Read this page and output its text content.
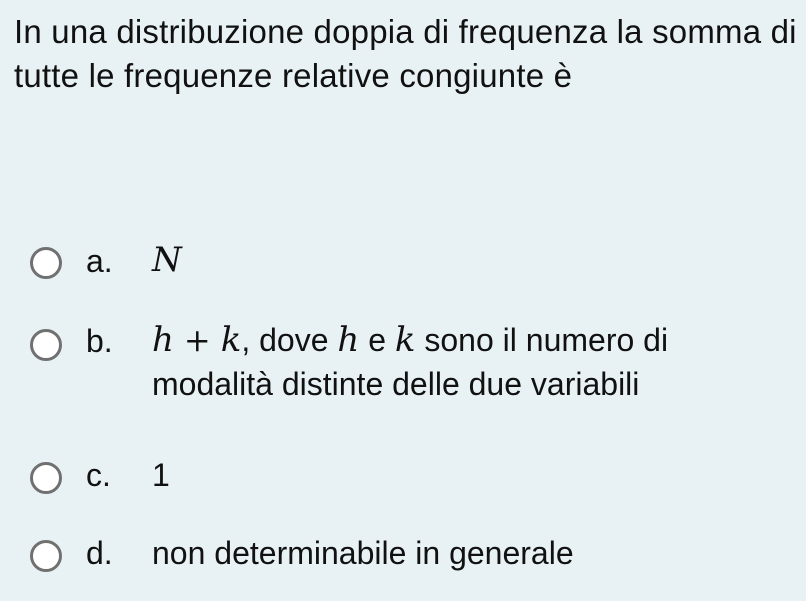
In una distribuzione doppia di frequenza la somma di tutte le frequenze relative congiunte è
a. N
b. h + k, dove h e k sono il numero di modalità distinte delle due variabili
c. 1
d. non determinabile in generale
